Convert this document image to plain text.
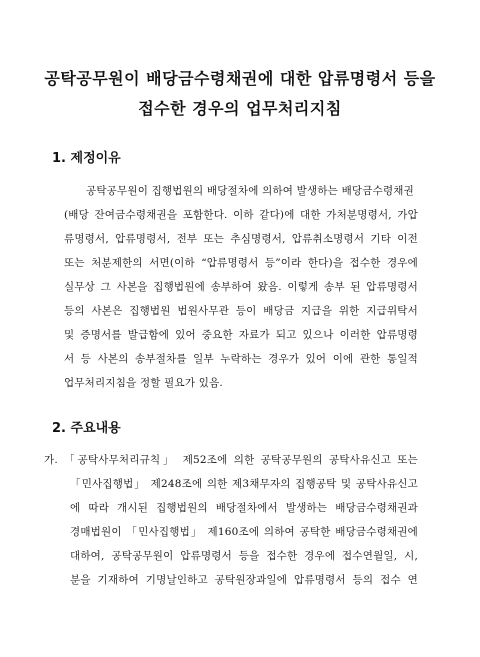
공탁공무원이 배당금수령채권에 대한 압류명령서 등을
접수한 경우의 업무처리지침
1. 제정이유
공탁공무원이 집행법원의 배당절차에 의하여 발생하는 배당금수령채권
(배당 잔여금수령채권을 포함한다. 이하 같다)에 대한 가처분명령서, 가압
류명령서, 압류명령서, 전부 또는 추심명령서, 압류취소명령서 기타 이전
또는 처분제한의 서면(이하 “압류명령서 등”이라 한다)을 접수한 경우에
실무상 그 사본을 집행법원에 송부하여 왔음. 이렇게 송부 된 압류명령서
등의 사본은 집행법원 법원사무관 등이 배당금 지급을 위한 지급위탁서
및 증명서를 발급함에 있어 중요한 자료가 되고 있으나 이러한 압류명령
서 등 사본의 송부절차를 일부 누락하는 경우가 있어 이에 관한 통일적
업무처리지침을 정할 필요가 있음.
2. 주요내용
가. 「공탁사무처리규칙」 제52조에 의한 공탁공무원의 공탁사유신고 또는
「민사집행법」 제248조에 의한 제3채무자의 집행공탁 및 공탁사유신고
에 따라 개시된 집행법원의 배당절차에서 발생하는 배당금수령채권과
경매법원이 「민사집행법」 제160조에 의하여 공탁한 배당금수령채권에
대하여, 공탁공무원이 압류명령서 등을 접수한 경우에 접수연월일, 시,
분을 기재하여 기명날인하고 공탁원장과일에 압류명령서 등의 접수 연
